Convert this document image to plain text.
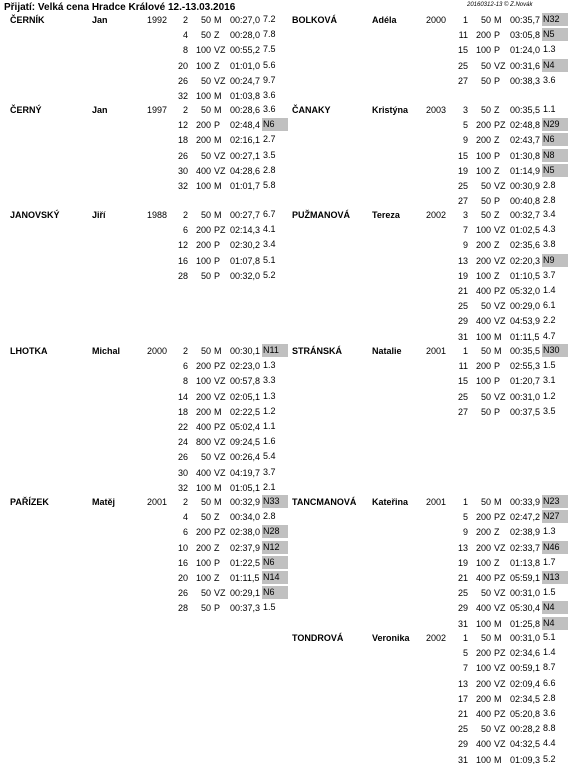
Přijatí: Velká cena Hradce Králové 12.-13.03.2016	20160312-13 © Z.Novák
ČERNÍK	Jan	1992	2	50 M 00:27,0 7.2
4	50 Z	00:28,0 7.8
8 100 VZ 00:55,2 7.5
20 100 Z	01:01,0 5.6
26	50 VZ 00:24,7 9.7
32 100 M 01:03,8 3.6
ČERNÝ	Jan	1997	2	50 M 00:28,6 3.6
12 200 P	02:48,4 N6
18 200 M 02:16,1 2.7
26	50 VZ 00:27,1 3.5
30 400 VZ 04:28,6 2.8
32 100 M 01:01,7 5.8
JANOVSKÝ	Jiří	1988	2	50 M 00:27,7 6.7
6 200 PZ 02:14,3 4.1
12 200 P	02:30,2 3.4
16 100 P	01:07,8 5.1
28	50 P	00:32,0 5.2
LHOTKA	Michal	2000	2	50 M 00:30,1 N11
6 200 PZ 02:23,0 1.3
8 100 VZ 00:57,8 3.3
14 200 VZ 02:05,1 1.3
18 200 M 02:22,5 1.2
22 400 PZ 05:02,4 1.1
24 800 VZ 09:24,5 1.6
26	50 VZ 00:26,4 5.4
30 400 VZ 04:19,7 3.7
32 100 M 01:05,1 2.1
PAŘÍZEK	Matěj	2001	2	50 M 00:32,9 N33
4	50 Z	00:34,0 2.8
6 200 PZ 02:38,0 N28
10 200 Z	02:37,9 N12
16 100 P	01:22,5 N6
20 100 Z	01:11,5 N14
26	50 VZ 00:29,1 N6
28	50 P	00:37,3 1.5
BOLKOVÁ	Adéla	2000	1	50 M 00:35,7 N32
11 200 P	03:05,8 N5
15 100 P	01:24,0 1.3
25	50 VZ 00:31,6 N4
27	50 P	00:38,3 3.6
ČANAKY	Kristýna 2003	3	50 Z	00:35,5 1.1
5 200 PZ 02:48,8 N29
9 200 Z	02:43,7 N6
15 100 P	01:30,8 N8
19 100 Z	01:14,9 N5
25	50 VZ 00:30,9 2.8
27	50 P	00:40,8 2.8
PUŽMANOVÁ Tereza	2002	3	50 Z	00:32,7 3.4
7 100 VZ 01:02,5 4.3
9 200 Z	02:35,6 3.8
13 200 VZ 02:20,3 N9
19 100 Z	01:10,5 3.7
21 400 PZ 05:32,0 1.4
25	50 VZ 00:29,0 6.1
29 400 VZ 04:53,9 2.2
31 100 M 01:11,5 4.7
STRÁNSKÁ	Natalie	2001	1	50 M 00:35,5 N30
11 200 P	02:55,3 1.5
15 100 P	01:20,7 3.1
25	50 VZ 00:31,0 1.2
27	50 P	00:37,5 3.5
TANCMANOVÁ Kateřina 2001	1	50 M 00:33,9 N23
5 200 PZ 02:47,2 N27
9 200 Z	02:38,9 1.3
13 200 VZ 02:33,7 N46
19 100 Z	01:13,8 1.7
21 400 PZ 05:59,1 N13
25	50 VZ 00:31,0 1.5
29 400 VZ 05:30,4 N4
31 100 M 01:25,8 N4
TONDROVÁ	Veronika 2002	1	50 M 00:31,0 5.1
5 200 PZ 02:34,6 1.4
7 100 VZ 00:59,1 8.7
13 200 VZ 02:09,4 6.6
17 200 M 02:34,5 2.8
21 400 PZ 05:20,8 3.6
25	50 VZ 00:28,2 8.8
29 400 VZ 04:32,5 4.4
31 100 M 01:09,3 5.2
